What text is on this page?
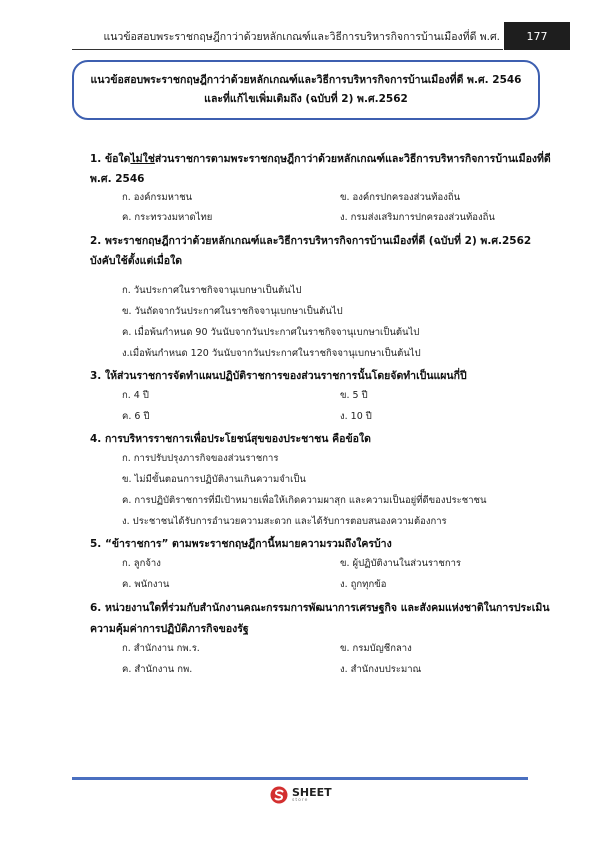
แนวข้อสอบพระราชกฤษฎีกาว่าด้วยหลักเกณฑ์และวิธีการบริหารกิจการบ้านเมืองที่ดี พ.ศ.	177
แนวข้อสอบพระราชกฤษฎีกาว่าด้วยหลักเกณฑ์และวิธีการบริหารกิจการบ้านเมืองที่ดี พ.ศ. 2546
และที่แก้ไขเพิ่มเติมถึง (ฉบับที่ 2) พ.ศ.2562
1. ข้อใดไม่ใช่ส่วนราชการตามพระราชกฤษฎีกาว่าด้วยหลักเกณฑ์และวิธีการบริหารกิจการบ้านเมืองที่ดี
พ.ศ. 2546
ก. องค์กรมหาชน	ข. องค์กรปกครองส่วนท้องถิ่น
ค. กระทรวงมหาดไทย	ง. กรมส่งเสริมการปกครองส่วนท้องถิ่น
2. พระราชกฤษฎีกาว่าด้วยหลักเกณฑ์และวิธีการบริหารกิจการบ้านเมืองที่ดี (ฉบับที่ 2) พ.ศ.2562
บังคับใช้ตั้งแต่เมื่อใด
ก. วันประกาศในราชกิจจานุเบกษาเป็นต้นไป
ข. วันถัดจากวันประกาศในราชกิจจานุเบกษาเป็นต้นไป
ค. เมื่อพ้นกำหนด 90 วันนับจากวันประกาศในราชกิจจานุเบกษาเป็นต้นไป
ง.เมื่อพ้นกำหนด 120 วันนับจากวันประกาศในราชกิจจานุเบกษาเป็นต้นไป
3. ให้ส่วนราชการจัดทำแผนปฏิบัติราชการของส่วนราชการนั้นโดยจัดทำเป็นแผนกี่ปี
ก. 4 ปี	ข. 5 ปี
ค. 6 ปี	ง. 10 ปี
4. การบริหารราชการเพื่อประโยชน์สุขของประชาชน คือข้อใด
ก. การปรับปรุงภารกิจของส่วนราชการ
ข. ไม่มีขั้นตอนการปฏิบัติงานเกินความจำเป็น
ค. การปฏิบัติราชการที่มีเป้าหมายเพื่อให้เกิดความผาสุก และความเป็นอยู่ที่ดีของประชาชน
ง. ประชาชนได้รับการอำนวยความสะดวก และได้รับการตอบสนองความต้องการ
5. “ข้าราชการ” ตามพระราชกฤษฎีกานี้หมายความรวมถึงใครบ้าง
ก. ลูกจ้าง	ข. ผู้ปฏิบัติงานในส่วนราชการ
ค. พนักงาน	ง. ถูกทุกข้อ
6. หน่วยงานใดที่ร่วมกับสำนักงานคณะกรรมการพัฒนาการเศรษฐกิจ และสังคมแห่งชาติในการประเมิน
ความคุ้มค่าการปฏิบัติภารกิจของรัฐ
ก. สำนักงาน กพ.ร.	ข. กรมบัญชีกลาง
ค. สำนักงาน กพ.	ง. สำนักงบประมาณ
SHEET
store
